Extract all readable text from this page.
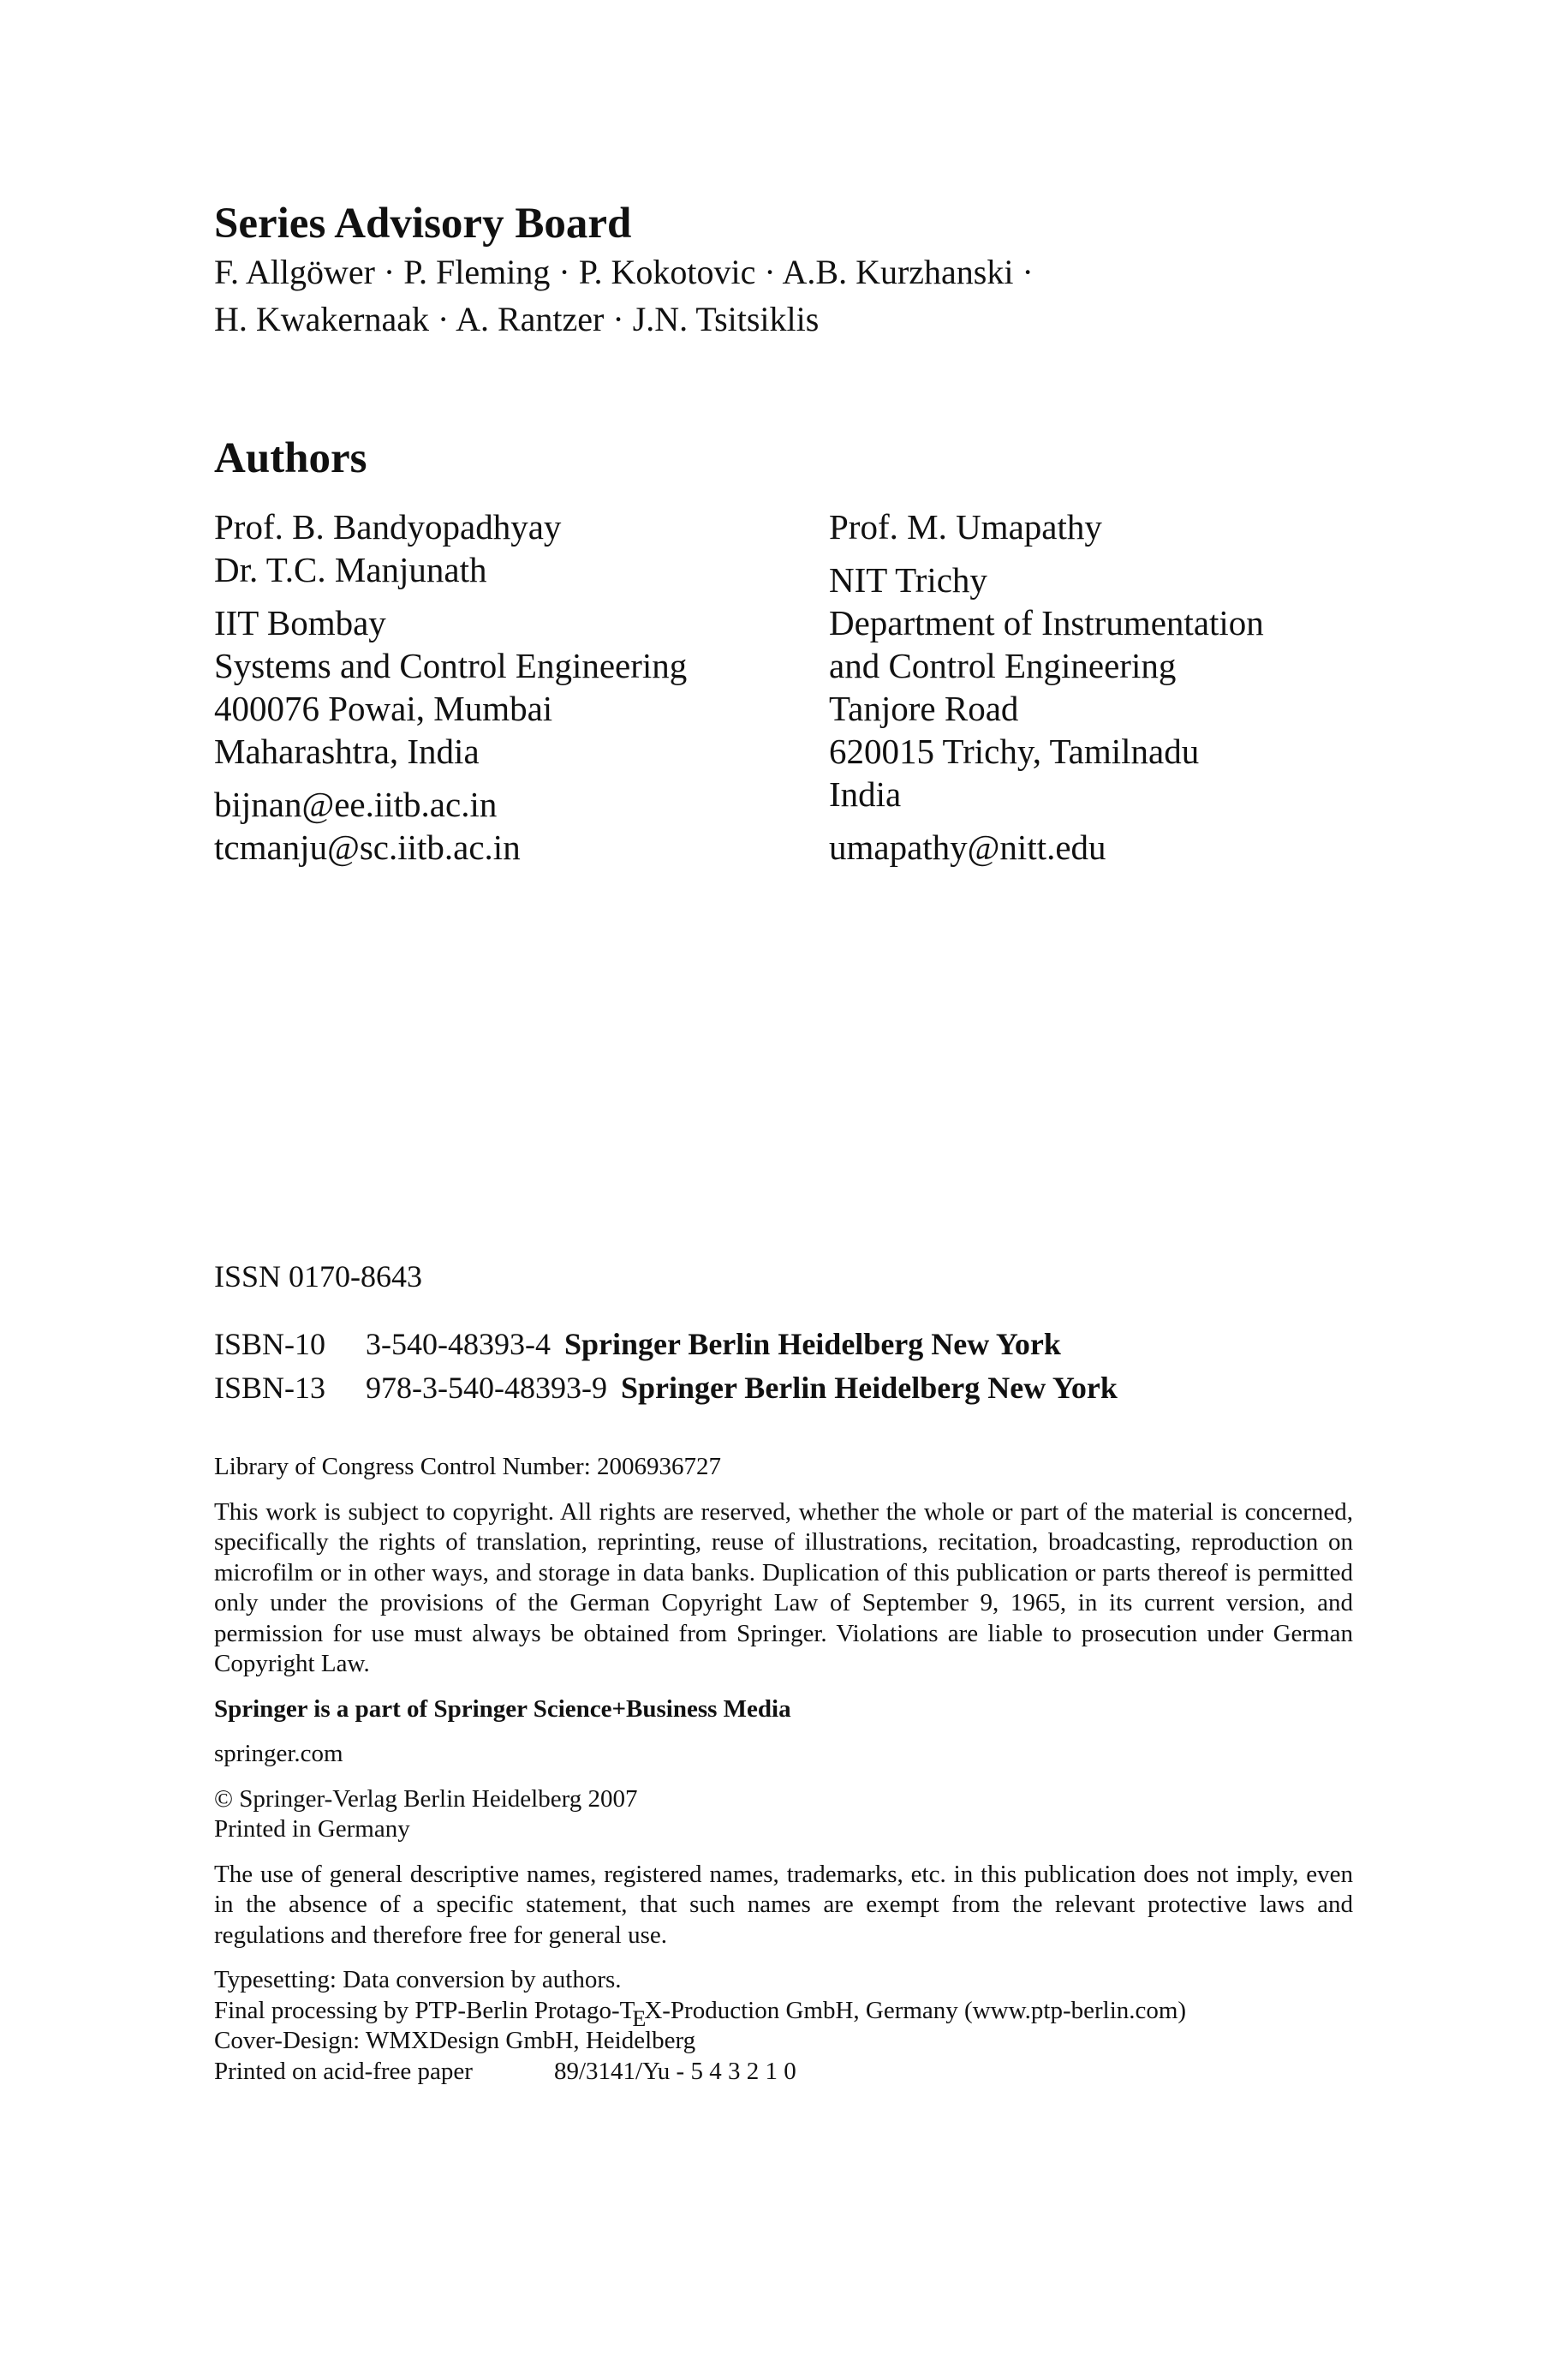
Series Advisory Board
F. Allgöwer · P. Fleming · P. Kokotovic · A.B. Kurzhanski ·
H. Kwakernaak · A. Rantzer · J.N. Tsitsiklis
Authors
Prof. B. Bandyopadhyay
Dr. T.C. Manjunath
IIT Bombay
Systems and Control Engineering
400076 Powai, Mumbai
Maharashtra, India
bijnan@ee.iitb.ac.in
tcmanju@sc.iitb.ac.in
Prof. M. Umapathy
NIT Trichy
Department of Instrumentation
and Control Engineering
Tanjore Road
620015 Trichy, Tamilnadu
India
umapathy@nitt.edu
ISSN 0170-8643
ISBN-10	3-540-48393-4 Springer Berlin Heidelberg New York
ISBN-13	978-3-540-48393-9 Springer Berlin Heidelberg New York

Library of Congress Control Number: 2006936727

This work is subject to copyright. All rights are reserved, whether the whole or part of the material is concerned, specifically the rights of translation, reprinting, reuse of illustrations, recitation, broadcasting, reproduction on microfilm or in other ways, and storage in data banks. Duplication of this publication or parts thereof is permitted only under the provisions of the German Copyright Law of September 9, 1965, in its current version, and permission for use must always be obtained from Springer. Violations are liable to prosecution under German Copyright Law.

Springer is a part of Springer Science+Business Media

springer.com

© Springer-Verlag Berlin Heidelberg 2007

Printed in Germany

The use of general descriptive names, registered names, trademarks, etc. in this publication does not imply, even in the absence of a specific statement, that such names are exempt from the relevant protective laws and regulations and therefore free for general use.

Typesetting: Data conversion by authors.

Final processing by PTP-Berlin Protago-TEX-Production GmbH, Germany (www.ptp-berlin.com)

Cover-Design: WMXDesign GmbH, Heidelberg

Printed on acid-free paper	89/3141/Yu - 5 4 3 2 1 0
